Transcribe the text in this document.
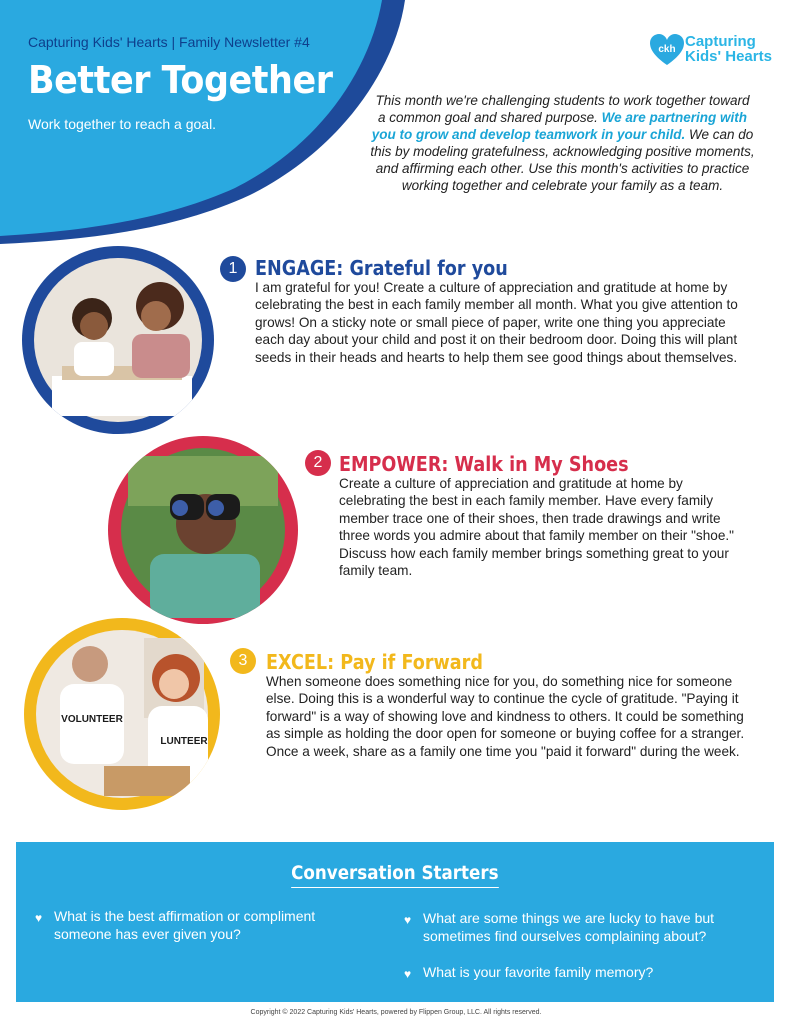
Capturing Kids' Hearts | Family Newsletter #4
Better Together
Work together to reach a goal.
ckh Capturing
Kids' Hearts
This month we're challenging students to work together toward a common goal and shared purpose. We are partnering with you to grow and develop teamwork in your child. We can do this by modeling gratefulness, acknowledging positive moments, and affirming each other. Use this month's activities to practice working together and celebrate your family as a team.
1 ENGAGE: Grateful for you
I am grateful for you! Create a culture of appreciation and gratitude at home by celebrating the best in each family member all month. What you give attention to grows! On a sticky note or small piece of paper, write one thing you appreciate each day about your child and post it on their bedroom door. Doing this will plant seeds in their heads and hearts to help them see good things about themselves.
2 EMPOWER: Walk in My Shoes
Create a culture of appreciation and gratitude at home by celebrating the best in each family member. Have every family member trace one of their shoes, then trade drawings and write three words you admire about that family member on their "shoe." Discuss how each family member brings something great to your family team.
VOLUNTEER
LUNTEER
3 EXCEL: Pay if Forward
When someone does something nice for you, do something nice for someone else. Doing this is a wonderful way to continue the cycle of gratitude. "Paying it forward" is a way of showing love and kindness to others. It could be something as simple as holding the door open for someone or buying coffee for a stranger. Once a week, share as a family one time you "paid it forward" during the week.
Conversation Starters
♥ What is the best affirmation or compliment someone has ever given you?
♥ What are some things we are lucky to have but sometimes find ourselves complaining about?
♥ What is your favorite family memory?
Copyright © 2022 Capturing Kids' Hearts, powered by Flippen Group, LLC. All rights reserved.
